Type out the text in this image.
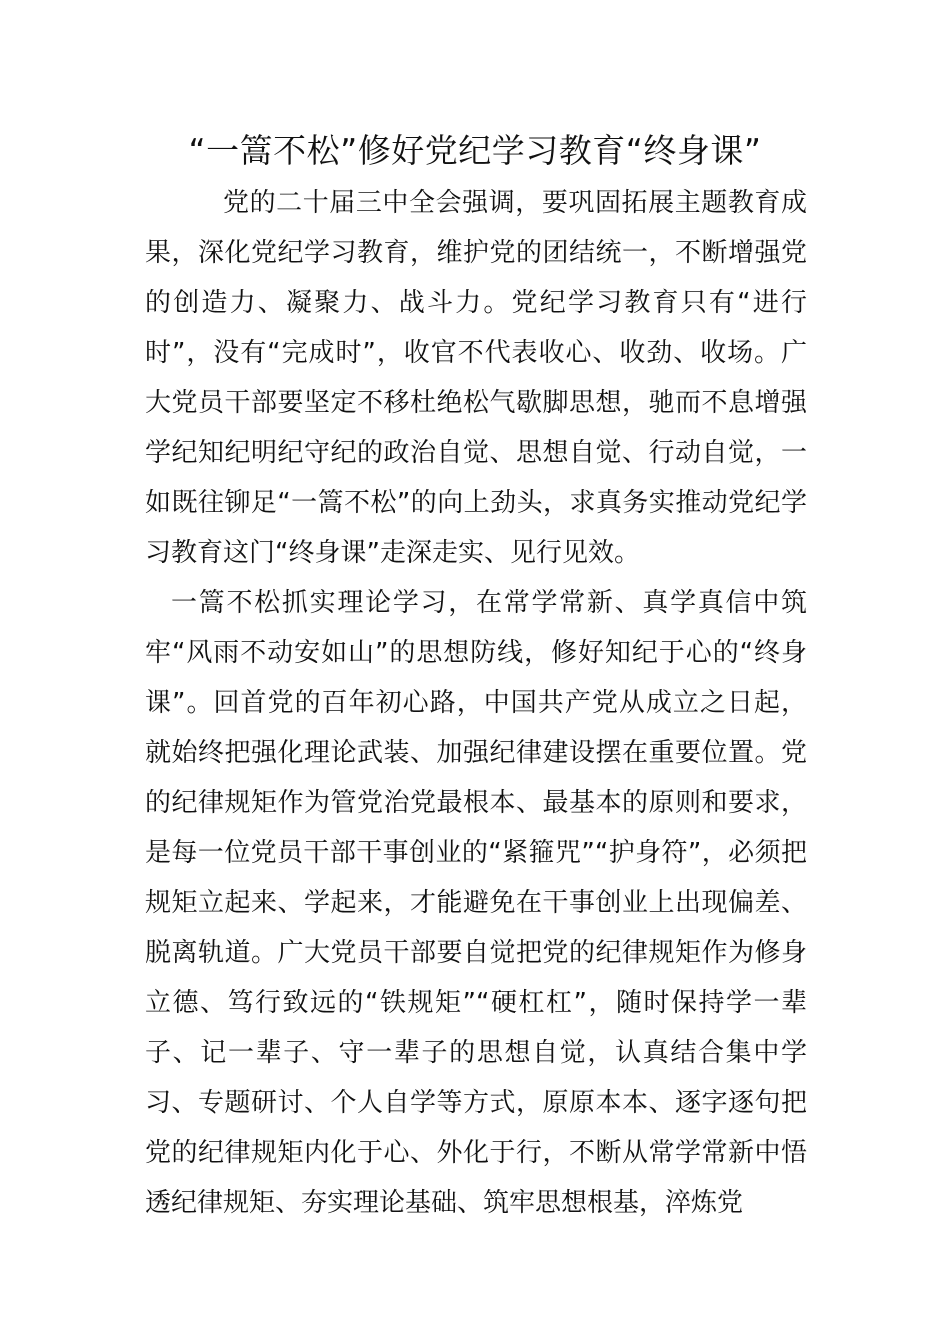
“一篙不松”修好党纪学习教育“终身课”

党的二十届三中全会强调，要巩固拓展主题教育成果，深化党纪学习教育，维护党的团结统一，不断增强党的创造力、凝聚力、战斗力。党纪学习教育只有“进行时”，没有“完成时”，收官不代表收心、收劲、收场。广大党员干部要坚定不移杜绝松气歇脚思想，驰而不息增强学纪知纪明纪守纪的政治自觉、思想自觉、行动自觉，一如既往铆足“一篙不松”的向上劲头，求真务实推动党纪学习教育这门“终身课”走深走实、见行见效。

一篙不松抓实理论学习，在常学常新、真学真信中筑牢“风雨不动安如山”的思想防线，修好知纪于心的“终身课”。回首党的百年初心路，中国共产党从成立之日起，就始终把强化理论武装、加强纪律建设摆在重要位置。党的纪律规矩作为管党治党最根本、最基本的原则和要求，是每一位党员干部干事创业的“紧箍咒”“护身符”，必须把规矩立起来、学起来，才能避免在干事创业上出现偏差、脱离轨道。广大党员干部要自觉把党的纪律规矩作为修身立德、笃行致远的“铁规矩”“硬杠杠”，随时保持学一辈子、记一辈子、守一辈子的思想自觉，认真结合集中学习、专题研讨、个人自学等方式，原原本本、逐字逐句把党的纪律规矩内化于心、外化于行，不断从常学常新中悟透纪律规矩、夯实理论基础、筑牢思想根基，淬炼党
